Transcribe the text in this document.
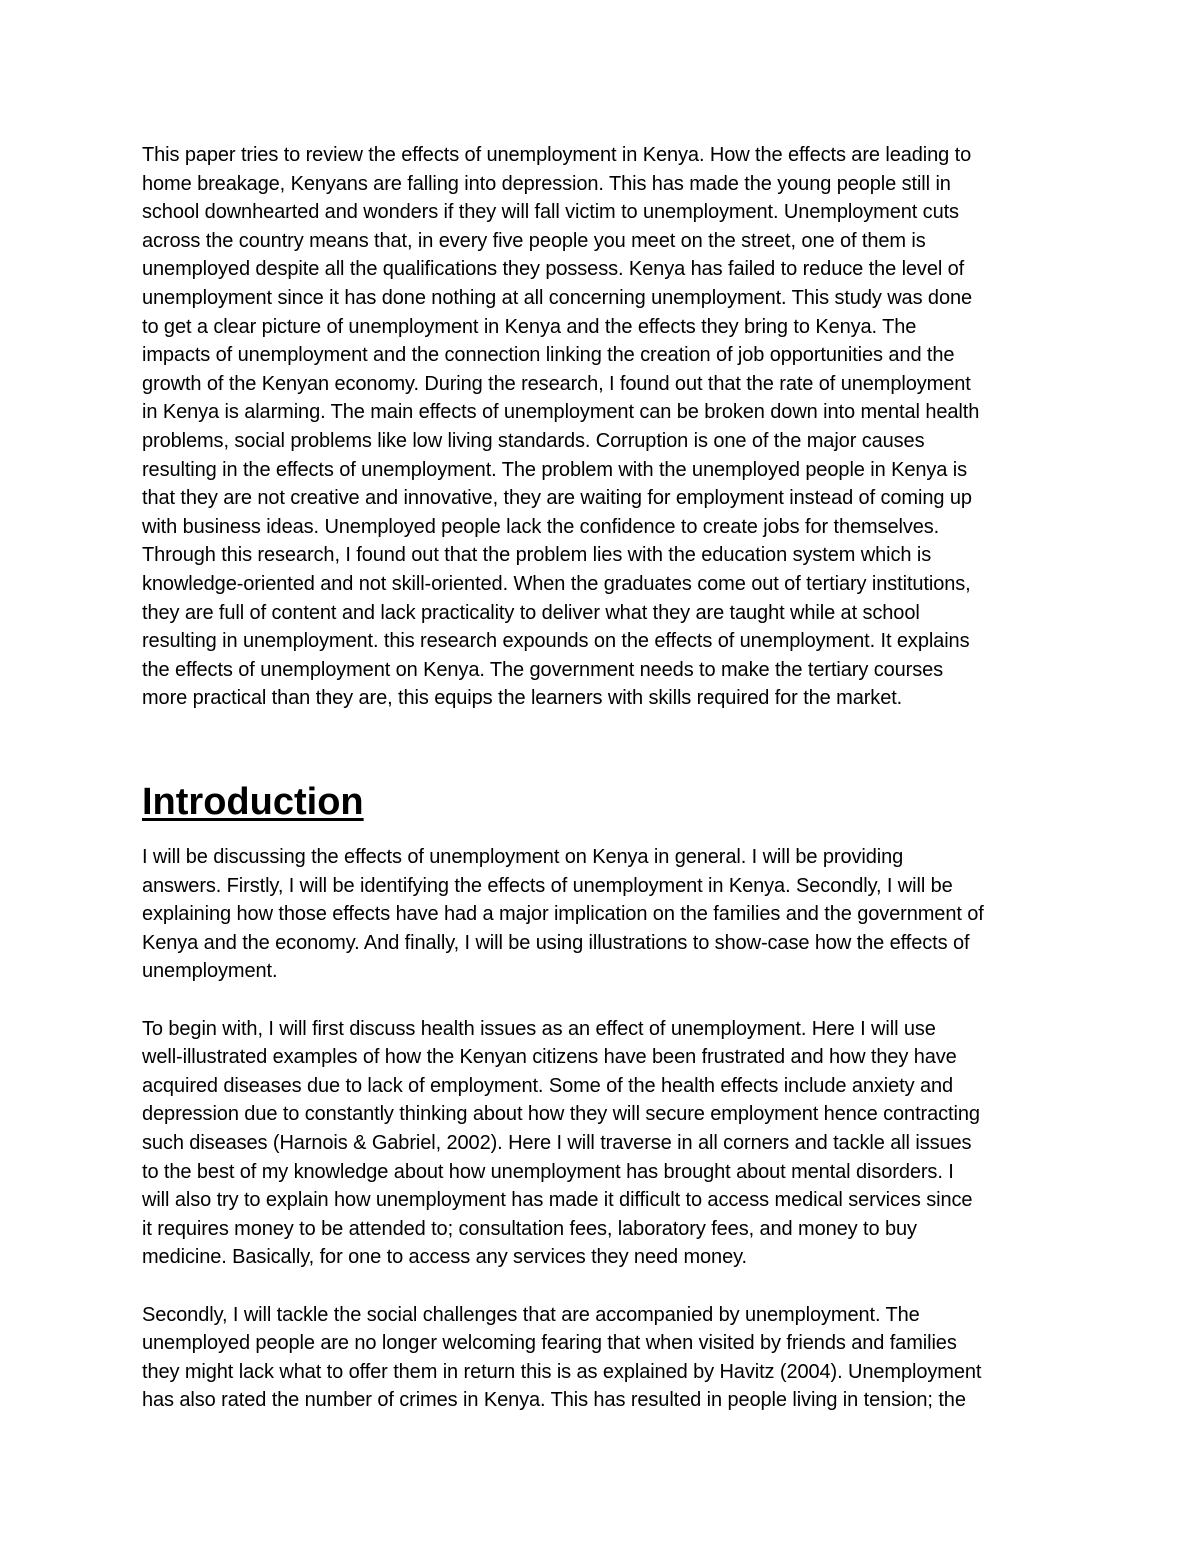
This paper tries to review the effects of unemployment in Kenya. How the effects are leading to

home breakage, Kenyans are falling into depression. This has made the young people still in

school downhearted and wonders if they will fall victim to unemployment. Unemployment cuts

across the country means that, in every five people you meet on the street, one of them is

unemployed despite all the qualifications they possess. Kenya has failed to reduce the level of

unemployment since it has done nothing at all concerning unemployment. This study was done

to get a clear picture of unemployment in Kenya and the effects they bring to Kenya. The

impacts of unemployment and the connection linking the creation of job opportunities and the

growth of the Kenyan economy. During the research, I found out that the rate of unemployment

in Kenya is alarming. The main effects of unemployment can be broken down into mental health

problems, social problems like low living standards. Corruption is one of the major causes

resulting in the effects of unemployment. The problem with the unemployed people in Kenya is

that they are not creative and innovative, they are waiting for employment instead of coming up

with business ideas. Unemployed people lack the confidence to create jobs for themselves.

Through this research, I found out that the problem lies with the education system which is

knowledge-oriented and not skill-oriented. When the graduates come out of tertiary institutions,

they are full of content and lack practicality to deliver what they are taught while at school

resulting in unemployment. this research expounds on the effects of unemployment. It explains

the effects of unemployment on Kenya. The government needs to make the tertiary courses

more practical than they are, this equips the learners with skills required for the market.

Introduction

I will be discussing the effects of unemployment on Kenya in general. I will be providing

answers. Firstly, I will be identifying the effects of unemployment in Kenya. Secondly, I will be

explaining how those effects have had a major implication on the families and the government of

Kenya and the economy. And finally, I will be using illustrations to show-case how the effects of

unemployment.

To begin with, I will first discuss health issues as an effect of unemployment. Here I will use

well-illustrated examples of how the Kenyan citizens have been frustrated and how they have

acquired diseases due to lack of employment. Some of the health effects include anxiety and

depression due to constantly thinking about how they will secure employment hence contracting

such diseases (Harnois & Gabriel, 2002). Here I will traverse in all corners and tackle all issues

to the best of my knowledge about how unemployment has brought about mental disorders. I

will also try to explain how unemployment has made it difficult to access medical services since

it requires money to be attended to; consultation fees, laboratory fees, and money to buy

medicine. Basically, for one to access any services they need money.

Secondly, I will tackle the social challenges that are accompanied by unemployment. The

unemployed people are no longer welcoming fearing that when visited by friends and families

they might lack what to offer them in return this is as explained by Havitz (2004). Unemployment

has also rated the number of crimes in Kenya. This has resulted in people living in tension; the
